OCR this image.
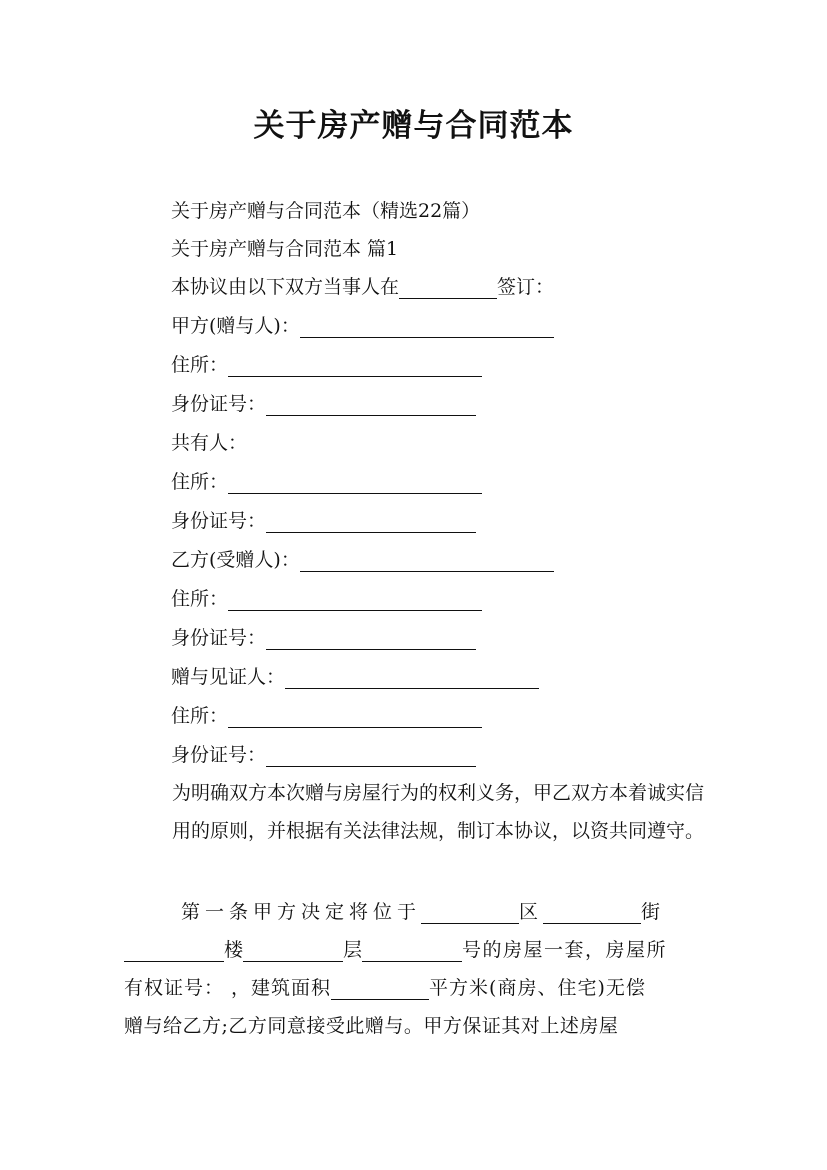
关于房产赠与合同范本
关于房产赠与合同范本（精选22篇）
关于房产赠与合同范本 篇1
本协议由以下双方当事人在	签订：
甲方(赠与人)：
住所：
身份证号：
共有人：
住所：
身份证号：
乙方(受赠人)：
住所：
身份证号：
赠与见证人：
住所：
身份证号：
为明确双方本次赠与房屋行为的权利义务，甲乙双方本着诚实信用的原则，并根据有关法律法规，制订本协议，以资共同遵守。
第一条甲方决定将位于	区	街
楼	层	号的房屋一套，房屋所
有权证号： ，建筑面积	平方米(商房、住宅)无偿
赠与给乙方;乙方同意接受此赠与。甲方保证其对上述房屋
